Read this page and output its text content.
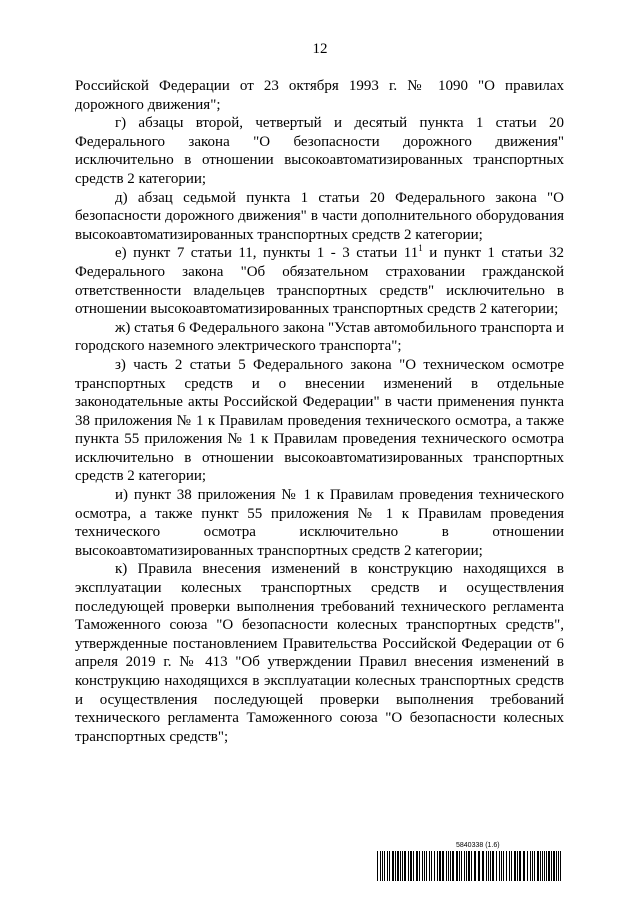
12

Российской Федерации от 23 октября 1993 г. № 1090 "О правилах дорожного движения";

г) абзацы второй, четвертый и десятый пункта 1 статьи 20 Федерального закона "О безопасности дорожного движения" исключительно в отношении высокоавтоматизированных транспортных средств 2 категории;

д) абзац седьмой пункта 1 статьи 20 Федерального закона "О безопасности дорожного движения" в части дополнительного оборудования высокоавтоматизированных транспортных средств 2 категории;

е) пункт 7 статьи 11, пункты 1 - 3 статьи $11^1$ и пункт 1 статьи 32 Федерального закона "Об обязательном страховании гражданской ответственности владельцев транспортных средств" исключительно в отношении высокоавтоматизированных транспортных средств 2 категории;

ж) статья 6 Федерального закона "Устав автомобильного транспорта и городского наземного электрического транспорта";

з) часть 2 статьи 5 Федерального закона "О техническом осмотре транспортных средств и о внесении изменений в отдельные законодательные акты Российской Федерации" в части применения пункта 38 приложения № 1 к Правилам проведения технического осмотра, а также пункта 55 приложения № 1 к Правилам проведения технического осмотра исключительно в отношении высокоавтоматизированных транспортных средств 2 категории;

и) пункт 38 приложения № 1 к Правилам проведения технического осмотра, а также пункт 55 приложения № 1 к Правилам проведения технического осмотра исключительно в отношении высокоавтоматизированных транспортных средств 2 категории;

к) Правила внесения изменений в конструкцию находящихся в эксплуатации колесных транспортных средств и осуществления последующей проверки выполнения требований технического регламента Таможенного союза "О безопасности колесных транспортных средств", утвержденные постановлением Правительства Российской Федерации от 6 апреля 2019 г. № 413 "Об утверждении Правил внесения изменений в конструкцию находящихся в эксплуатации колесных транспортных средств и осуществления последующей проверки выполнения требований технического регламента Таможенного союза "О безопасности колесных транспортных средств";

5840338 (1.6)
